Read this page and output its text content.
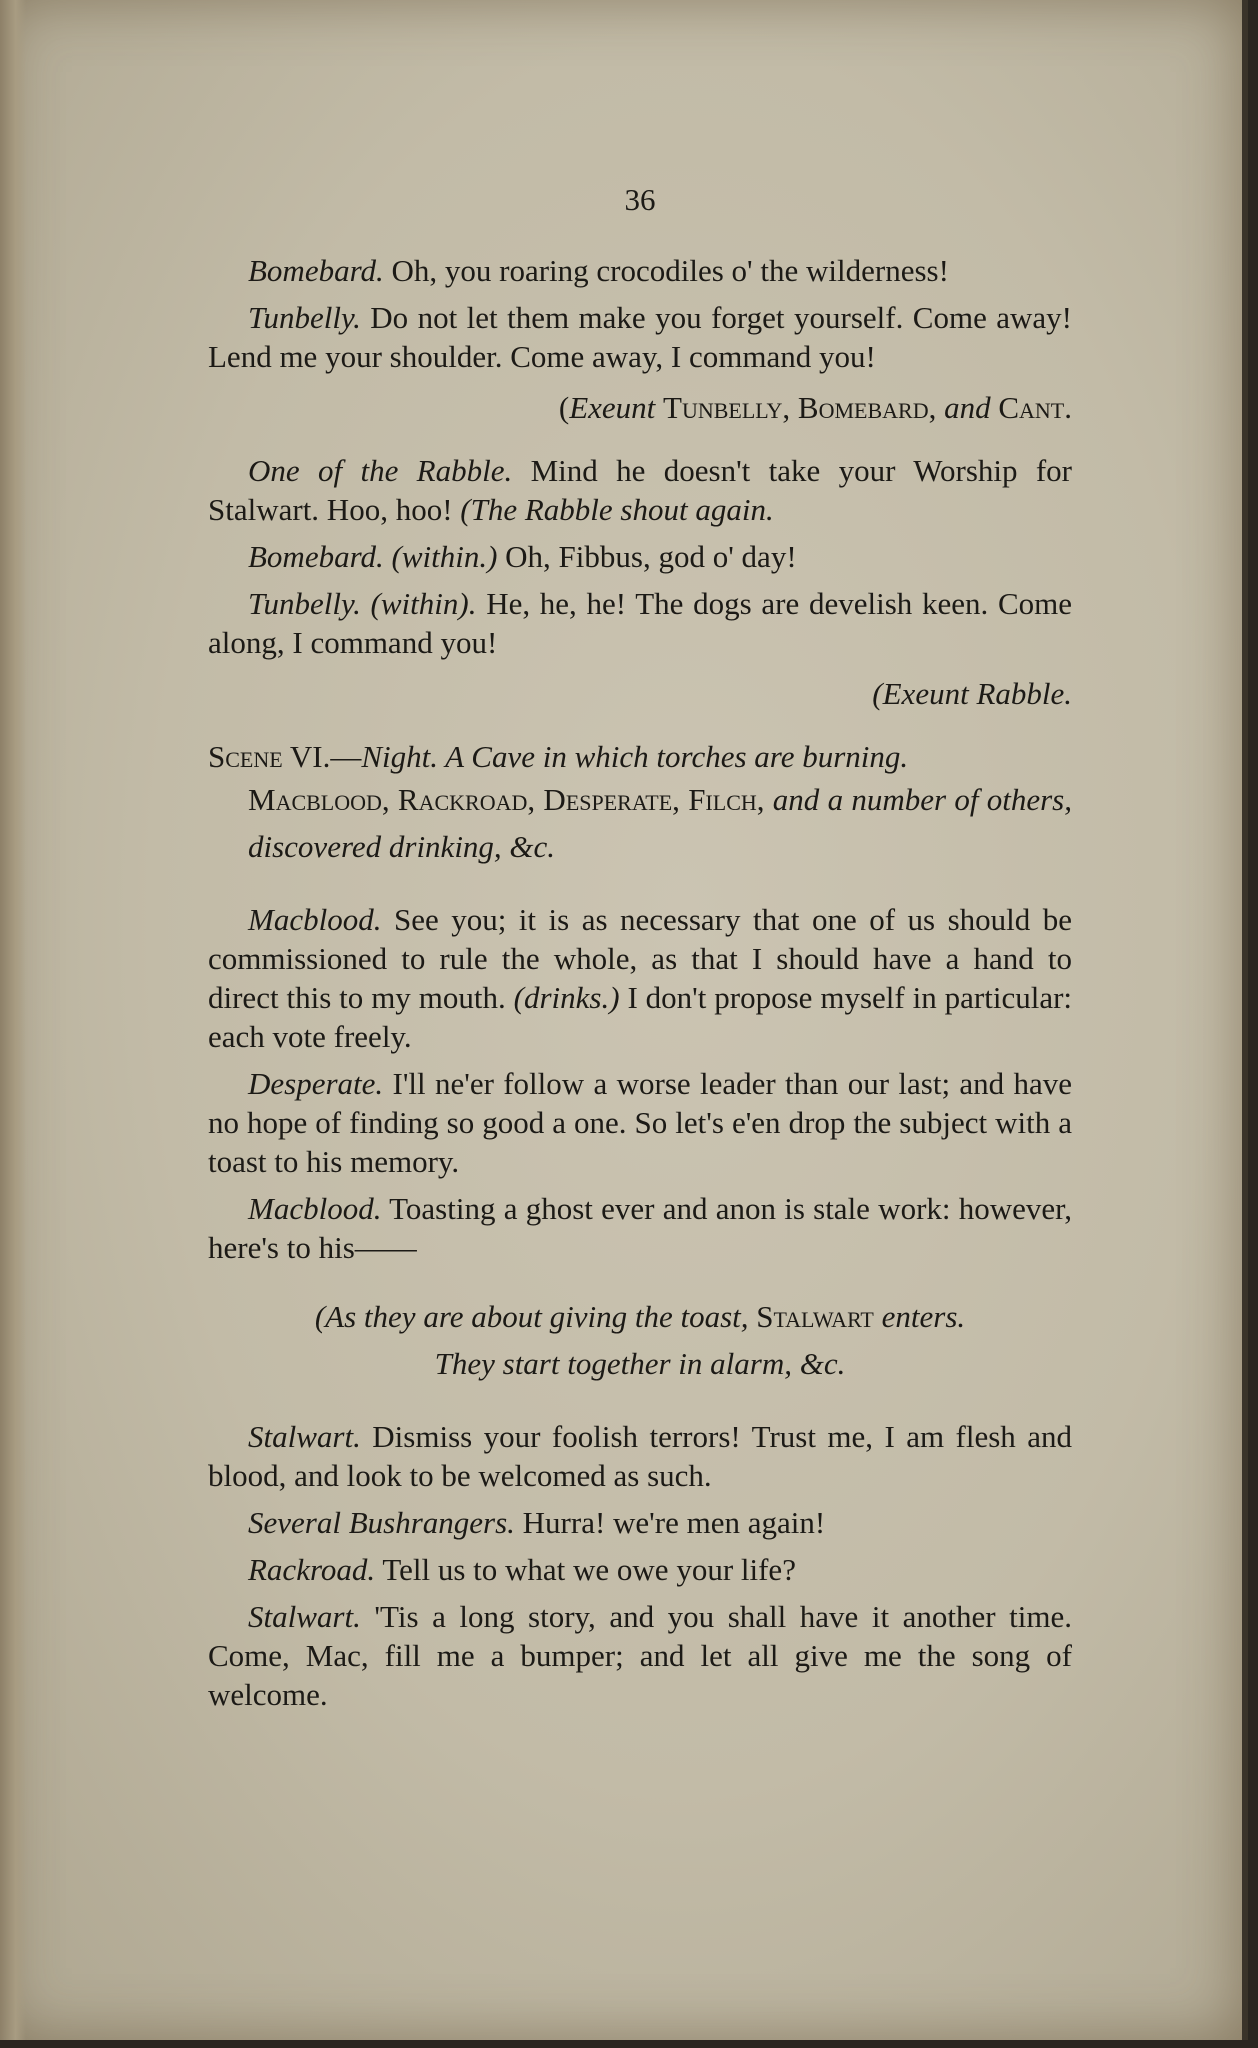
36

Bomebard. Oh, you roaring crocodiles o' the wilderness!

Tunbelly. Do not let them make you forget yourself. Come away! Lend me your shoulder. Come away, I command you!

(Exeunt Tunbelly, Bomebard, and Cant.

One of the Rabble. Mind he doesn't take your Worship for Stalwart. Hoo, hoo! (The Rabble shout again.

Bomebard. (within.) Oh, Fibbus, god o' day!

Tunbelly. (within). He, he, he! The dogs are develish keen. Come along, I command you!

(Exeunt Rabble.

Scene VI.—Night. A Cave in which torches are burning.

Macblood, Rackroad, Desperate, Filch, and a number of others, discovered drinking, &c.

Macblood. See you; it is as necessary that one of us should be commissioned to rule the whole, as that I should have a hand to direct this to my mouth. (drinks.) I don't propose myself in particular: each vote freely.

Desperate. I'll ne'er follow a worse leader than our last; and have no hope of finding so good a one. So let's e'en drop the subject with a toast to his memory.

Macblood. Toasting a ghost ever and anon is stale work: however, here's to his——

(As they are about giving the toast, Stalwart enters.
They start together in alarm, &c.

Stalwart. Dismiss your foolish terrors! Trust me, I am flesh and blood, and look to be welcomed as such.

Several Bushrangers. Hurra! we're men again!

Rackroad. Tell us to what we owe your life?

Stalwart. 'Tis a long story, and you shall have it another time. Come, Mac, fill me a bumper; and let all give me the song of welcome.
